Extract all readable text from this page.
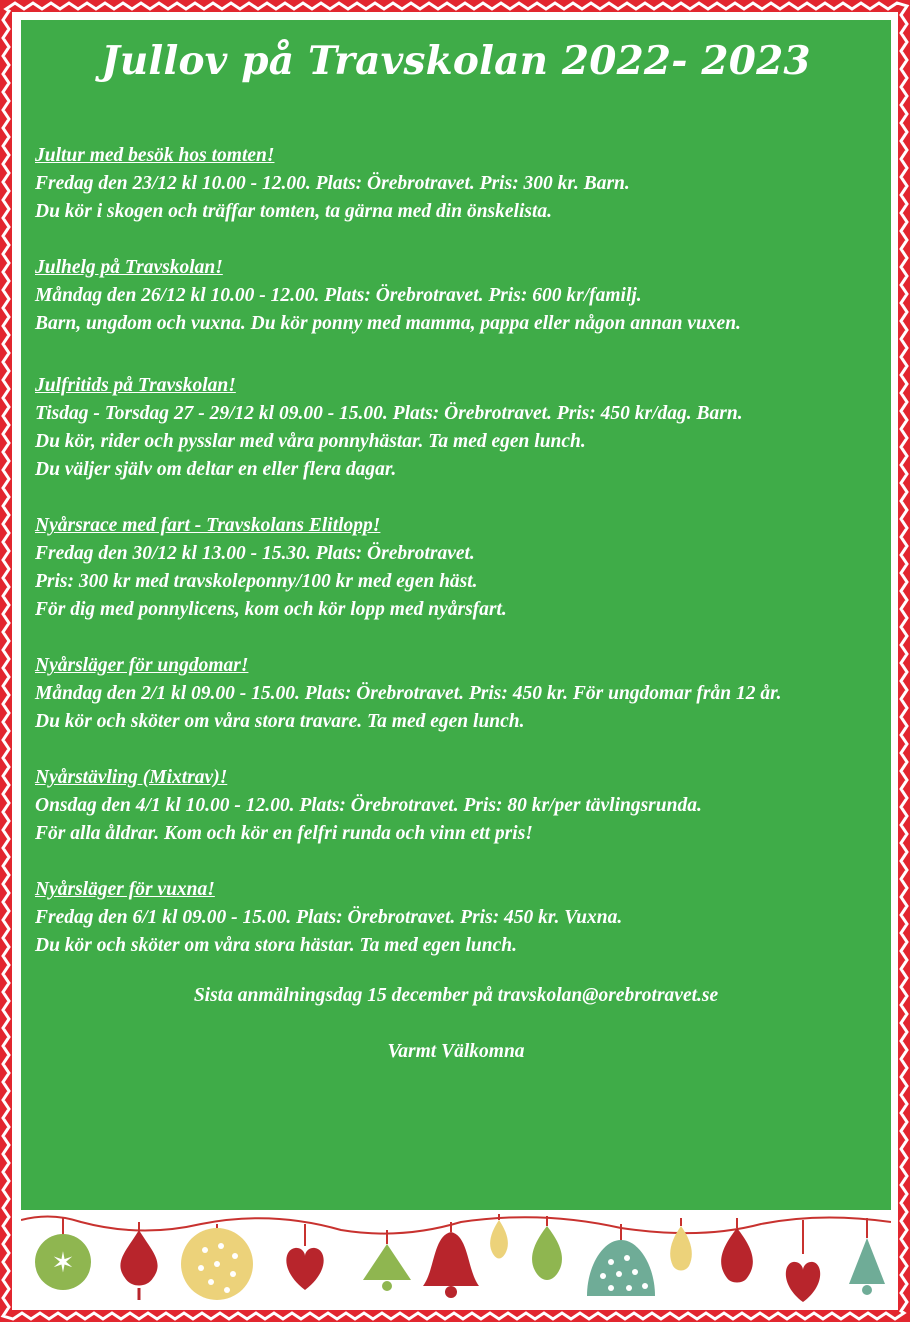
Jullov på Travskolan 2022- 2023
Jultur med besök hos tomten!
Fredag den 23/12 kl 10.00 - 12.00. Plats: Örebrotravet. Pris: 300 kr. Barn.
Du kör i skogen och träffar tomten, ta gärna med din önskelista.
Julhelg på Travskolan!
Måndag den 26/12 kl 10.00 - 12.00. Plats: Örebrotravet. Pris: 600 kr/familj.
Barn, ungdom och vuxna. Du kör ponny med mamma, pappa eller någon annan vuxen.
Julfritids på Travskolan!
Tisdag - Torsdag 27 - 29/12 kl 09.00 - 15.00. Plats: Örebrotravet. Pris: 450 kr/dag. Barn.
Du kör, rider och pysslar med våra ponnyhästar. Ta med egen lunch.
Du väljer själv om deltar en eller flera dagar.
Nyårsrace med fart - Travskolans Elitlopp!
Fredag den 30/12 kl 13.00 - 15.30. Plats: Örebrotravet.
Pris: 300 kr med travskoleponny/100 kr med egen häst.
För dig med ponnylicens, kom och kör lopp med nyårsfart.
Nyårsläger för ungdomar!
Måndag den 2/1 kl 09.00 - 15.00. Plats: Örebrotravet. Pris: 450 kr. För ungdomar från 12 år.
Du kör och sköter om våra stora travare. Ta med egen lunch.
Nyårstävling (Mixtrav)!
Onsdag den 4/1 kl 10.00 - 12.00. Plats: Örebrotravet. Pris: 80 kr/per tävlingsrunda.
För alla åldrar. Kom och kör en felfri runda och vinn ett pris!
Nyårsläger för vuxna!
Fredag den 6/1 kl 09.00 - 15.00. Plats: Örebrotravet. Pris: 450 kr. Vuxna.
Du kör och sköter om våra stora hästar. Ta med egen lunch.
Sista anmälningsdag 15 december på travskolan@orebrotravet.se
Varmt Välkomna
✶
